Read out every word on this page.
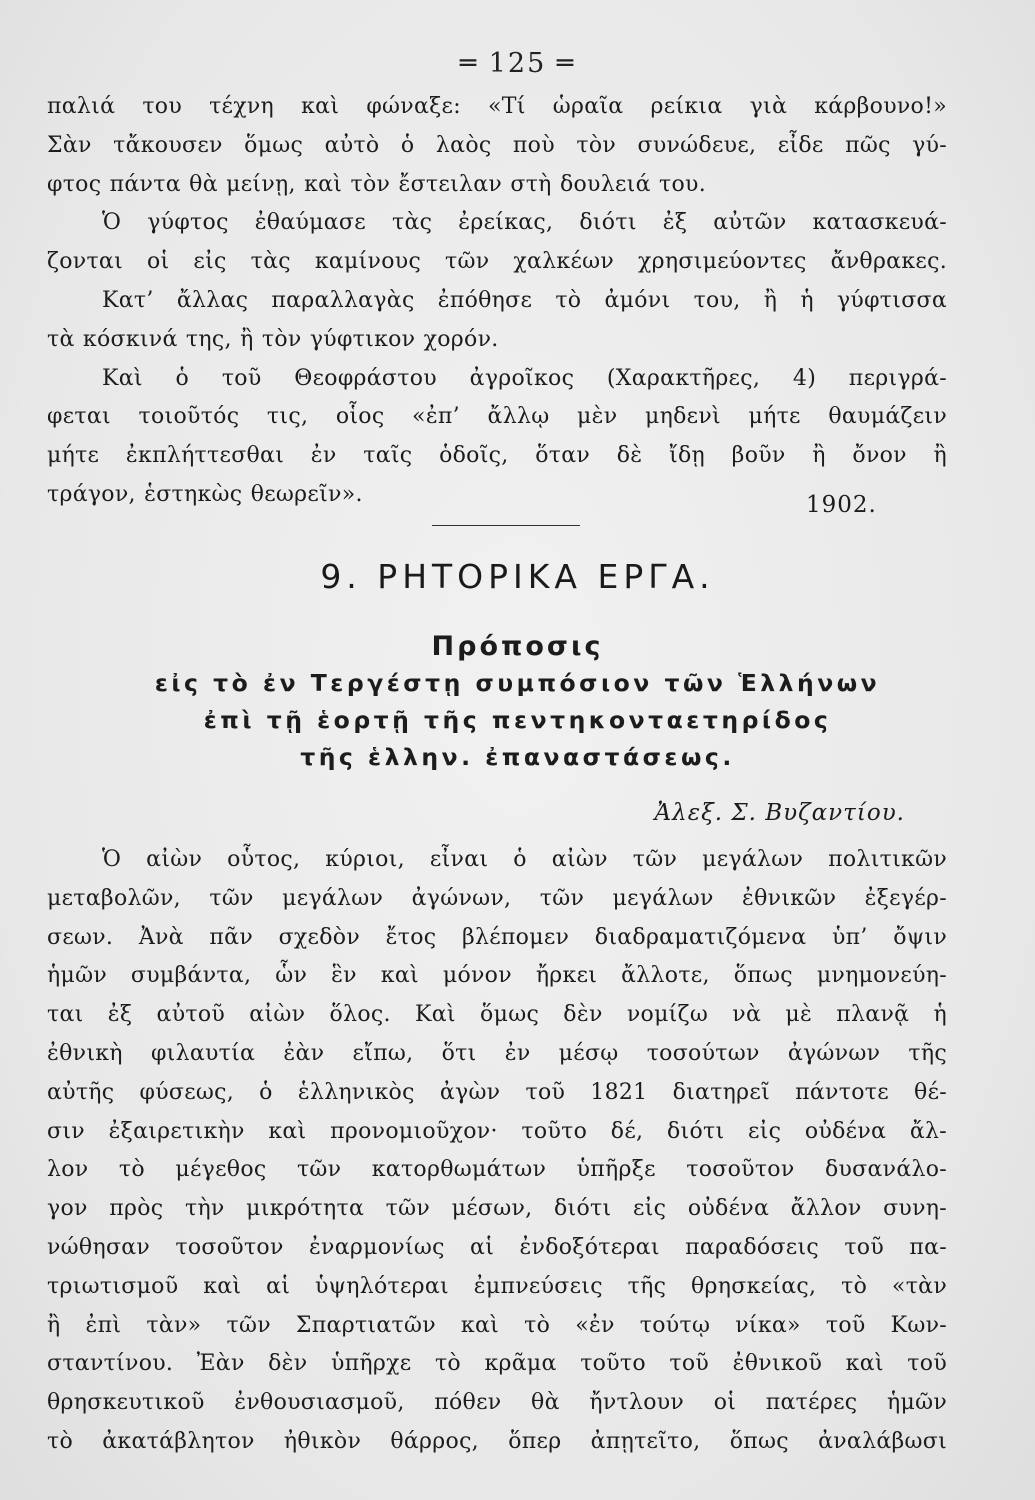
═ 125 ═
παλιά του τέχνη καὶ φώναξε: «Τί ὡραῖα ρείκια γιὰ κάρβουνο!»
Σὰν τἄκουσεν ὅμως αὐτὸ ὁ λαὸς ποὺ τὸν συνώδευε, εἶδε πῶς γύ-
φτος πάντα θὰ μείνῃ, καὶ τὸν ἔστειλαν στὴ δουλειά του.
Ὁ γύφτος ἐθαύμασε τὰς ἐρείκας, διότι ἐξ αὐτῶν κατασκευά-
ζονται οἱ εἰς τὰς καμίνους τῶν χαλκέων χρησιμεύοντες ἄνθρακες.
Κατ’ ἄλλας παραλλαγὰς ἐπόθησε τὸ ἀμόνι του, ἢ ἡ γύφτισσα
τὰ κόσκινά της, ἢ τὸν γύφτικον χορόν.
Καὶ ὁ τοῦ Θεοφράστου ἀγροῖκος (Χαρακτῆρες, 4) περιγρά-
φεται τοιοῦτός τις, οἷος «ἐπ’ ἄλλῳ μὲν μηδενὶ μήτε θαυμάζειν
μήτε ἐκπλήττεσθαι ἐν ταῖς ὁδοῖς, ὅταν δὲ ἴδῃ βοῦν ἢ ὄνον ἢ
τράγον, ἑστηκὼς θεωρεῖν».	1902.
9. ΡΗΤΟΡΙΚΑ ΕΡΓΑ.
Πρόποσις
εἰς τὸ ἐν Τεργέστῃ συμπόσιον τῶν Ἑλλήνων
ἐπὶ τῇ ἑορτῇ τῆς πεντηκονταετηρίδος
τῆς ἑλλην. ἐπαναστάσεως.
Ἀλεξ. Σ. Βυζαντίου.
Ὁ αἰὼν οὗτος, κύριοι, εἶναι ὁ αἰὼν τῶν μεγάλων πολιτικῶν
μεταβολῶν, τῶν μεγάλων ἀγώνων, τῶν μεγάλων ἐθνικῶν ἐξεγέρ-
σεων. Ἀνὰ πᾶν σχεδὸν ἔτος βλέπομεν διαδραματιζόμενα ὑπ’ ὄψιν
ἡμῶν συμβάντα, ὧν ἓν καὶ μόνον ἤρκει ἄλλοτε, ὅπως μνημονεύη-
ται ἐξ αὐτοῦ αἰὼν ὅλος. Καὶ ὅμως δὲν νομίζω νὰ μὲ πλανᾷ ἡ
ἐθνικὴ φιλαυτία ἐὰν εἴπω, ὅτι ἐν μέσῳ τοσούτων ἀγώνων τῆς
αὐτῆς φύσεως, ὁ ἑλληνικὸς ἀγὼν τοῦ 1821 διατηρεῖ πάντοτε θέ-
σιν ἐξαιρετικὴν καὶ προνομιοῦχον· τοῦτο δέ, διότι εἰς οὐδένα ἄλ-
λον τὸ μέγεθος τῶν κατορθωμάτων ὑπῆρξε τοσοῦτον δυσανάλο-
γον πρὸς τὴν μικρότητα τῶν μέσων, διότι εἰς οὐδένα ἄλλον συνη-
νώθησαν τοσοῦτον ἐναρμονίως αἱ ἐνδοξότεραι παραδόσεις τοῦ πα-
τριωτισμοῦ καὶ αἱ ὑψηλότεραι ἐμπνεύσεις τῆς θρησκείας, τὸ «τὰν
ἢ ἐπὶ τὰν» τῶν Σπαρτιατῶν καὶ τὸ «ἐν τούτῳ νίκα» τοῦ Κων-
σταντίνου. Ἐὰν δὲν ὑπῆρχε τὸ κρᾶμα τοῦτο τοῦ ἐθνικοῦ καὶ τοῦ
θρησκευτικοῦ ἐνθουσιασμοῦ, πόθεν θὰ ἤντλουν οἱ πατέρες ἡμῶν
τὸ ἀκατάβλητον ἠθικὸν θάρρος, ὅπερ ἀπῃτεῖτο, ὅπως ἀναλάβωσι
